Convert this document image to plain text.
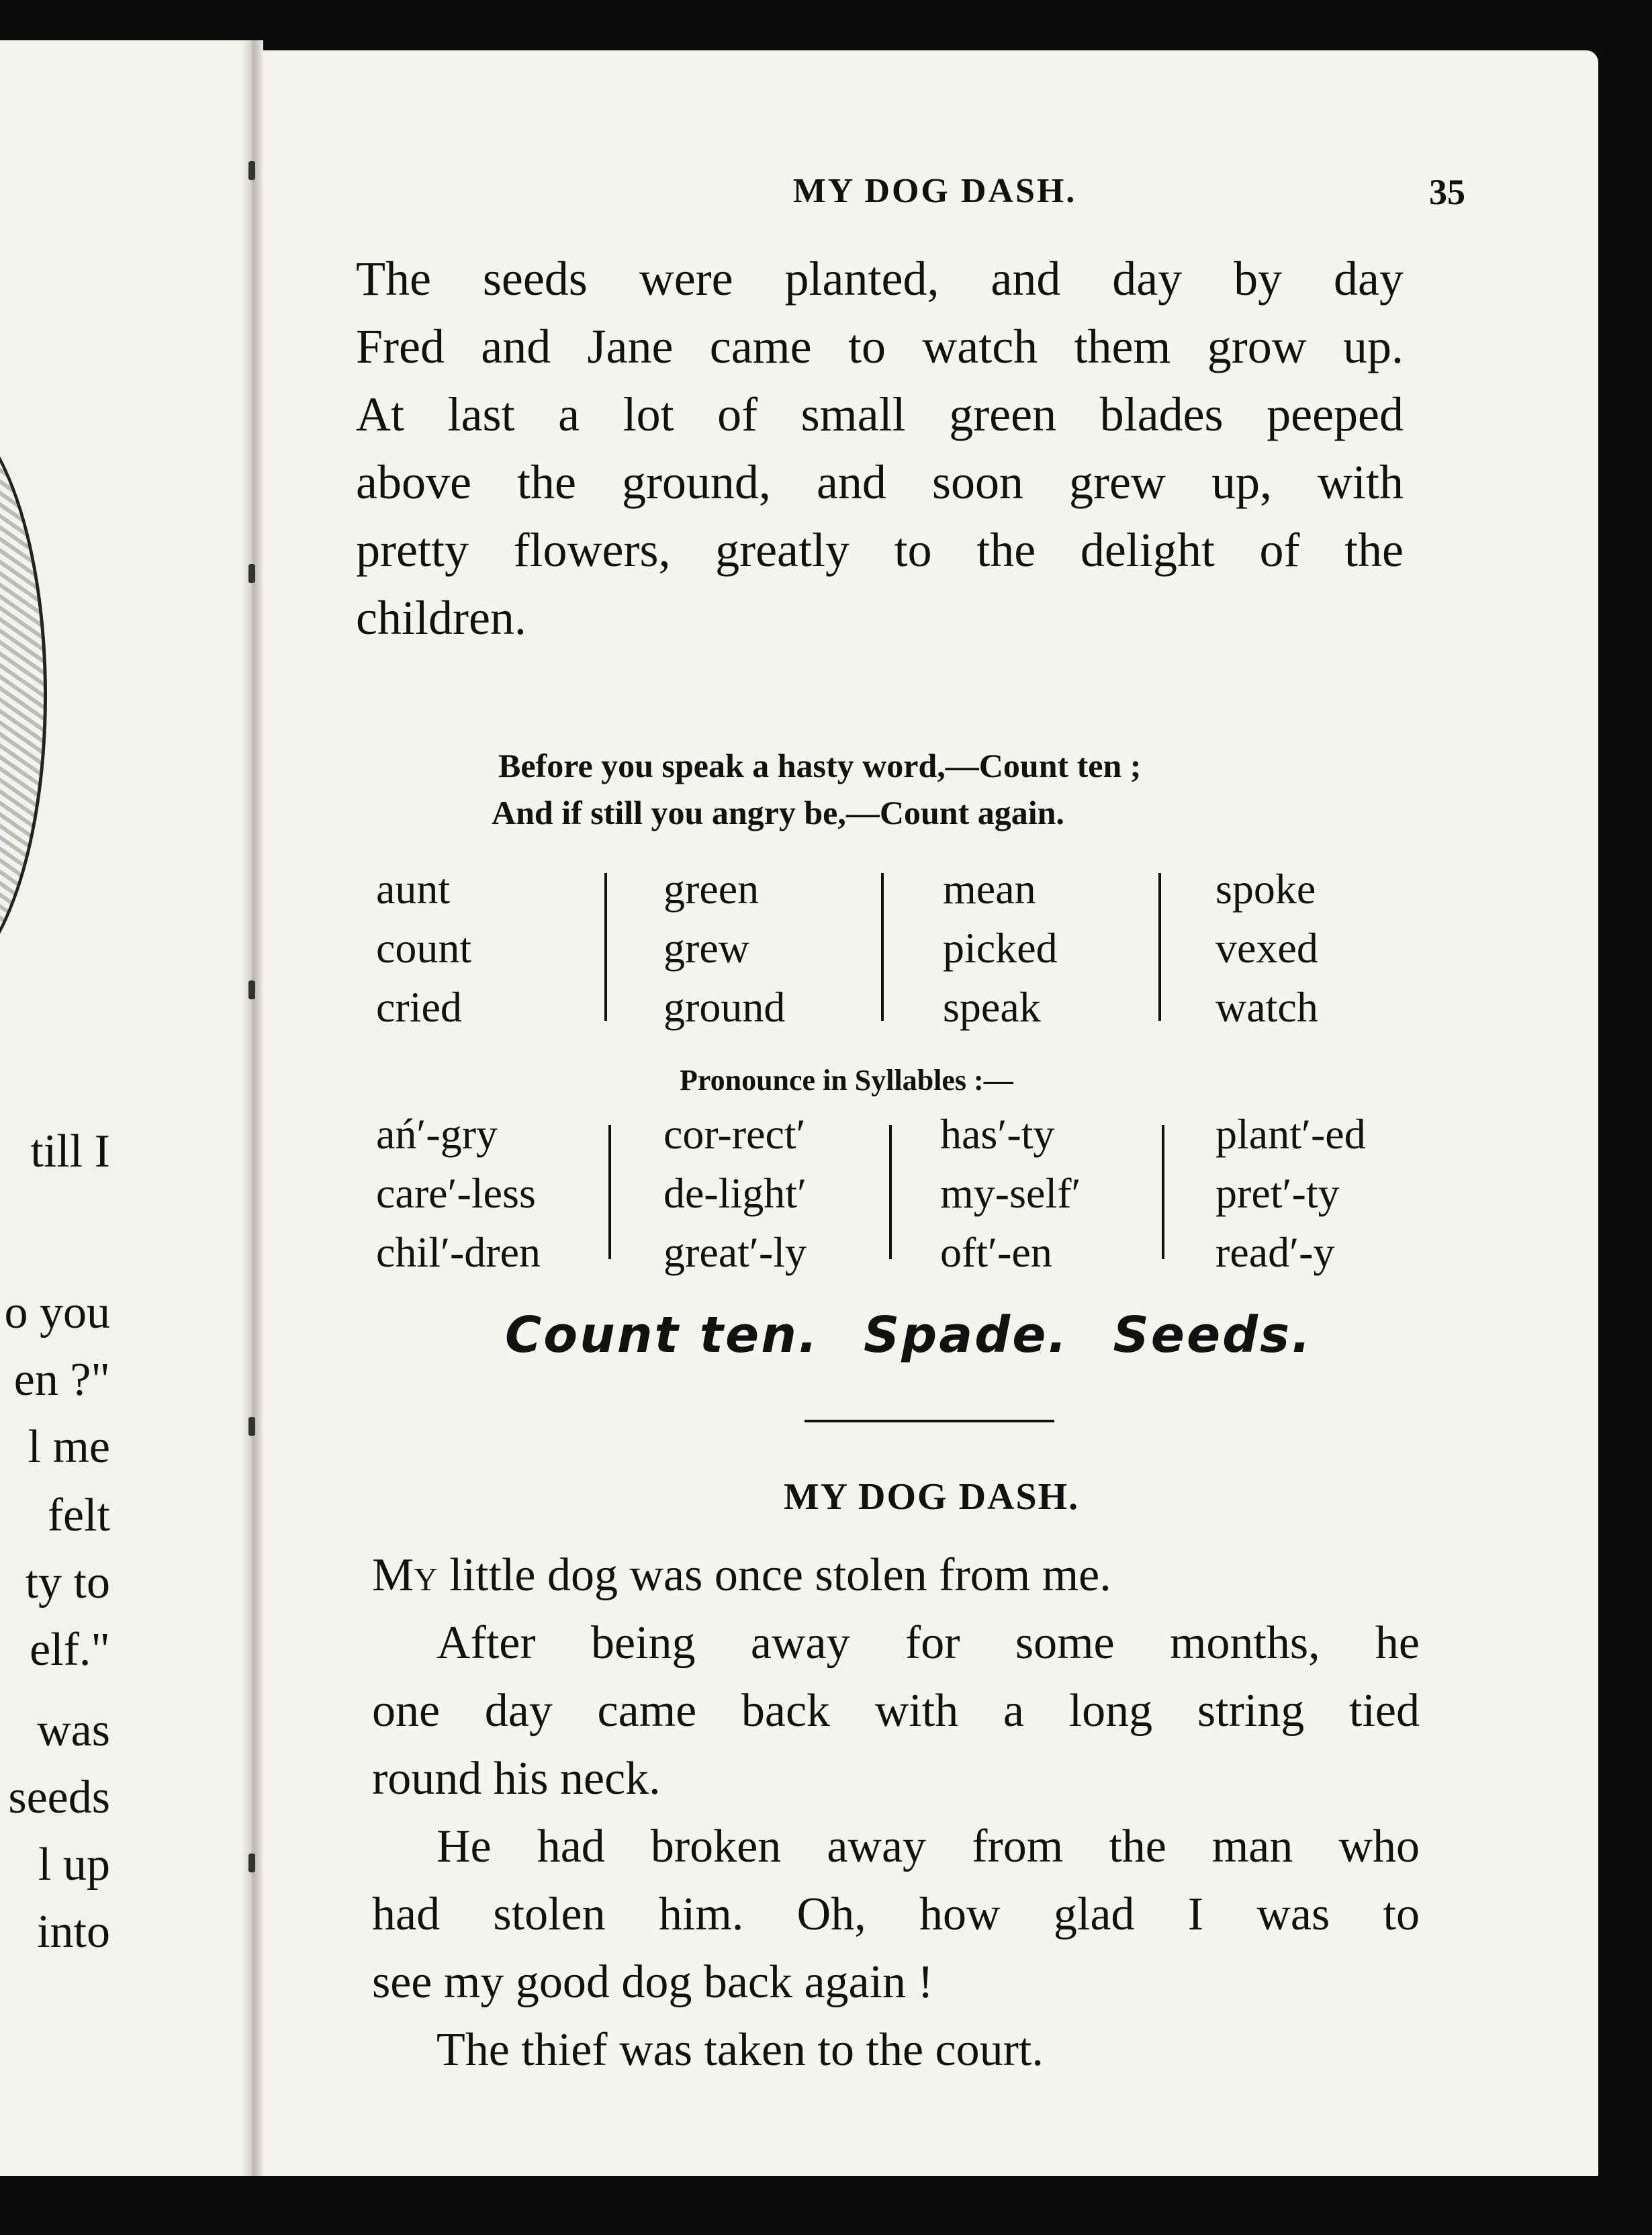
till I
o you
en ?"
l me
felt
ty to
elf."
was
seeds
l up
into
MY DOG DASH.	35
The seeds were planted, and day by day
Fred and Jane came to watch them grow up.
At last a lot of small green blades peeped
above the ground, and soon grew up, with
pretty flowers, greatly to the delight of the
children.
Before you speak a hasty word,—Count ten ;
And if still you angry be,—Count again.
aunt
count
cried
green
grew
ground
mean
picked
speak
spoke
vexed
watch
Pronounce in Syllables :—
ań′-gry
care′-less
chil′-dren
cor-rect′
de-light′
great′-ly
has′-ty
my-self′
oft′-en
plant′-ed
pret′-ty
read′-y
Count ten. Spade. Seeds.
MY DOG DASH.
My little dog was once stolen from me.
After being away for some months, he
one day came back with a long string tied
round his neck.
He had broken away from the man who
had stolen him. Oh, how glad I was to
see my good dog back again !
The thief was taken to the court.
